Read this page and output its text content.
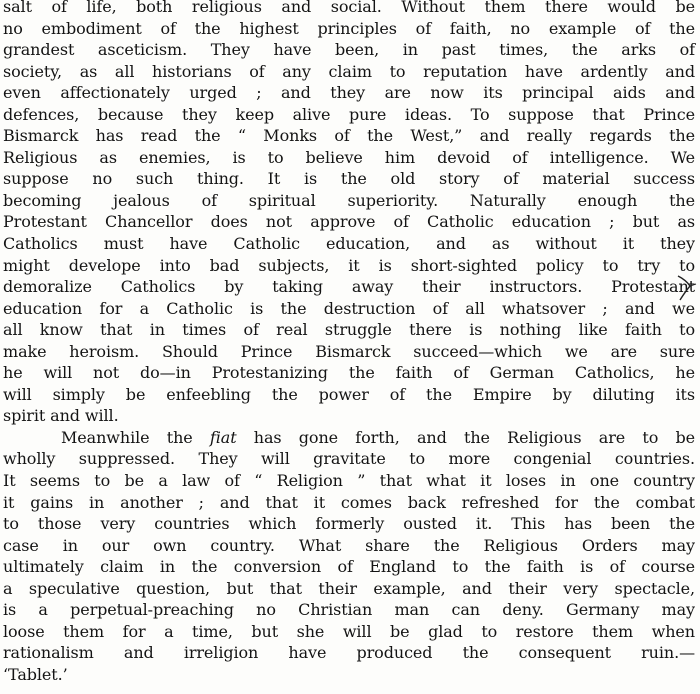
salt of life, both religious and social. Without them there would be
no embodiment of the highest principles of faith, no example of the
grandest asceticism. They have been, in past times, the arks of
society, as all historians of any claim to reputation have ardently and
even affectionately urged ; and they are now its principal aids and
defences, because they keep alive pure ideas. To suppose that Prince
Bismarck has read the “ Monks of the West,” and really regards the
Religious as enemies, is to believe him devoid of intelligence. We
suppose no such thing. It is the old story of material success
becoming jealous of spiritual superiority. Naturally enough the
Protestant Chancellor does not approve of Catholic education ; but as
Catholics must have Catholic education, and as without it they
might develope into bad subjects, it is short-sighted policy to try to
demoralize Catholics by taking away their instructors. Protestant
education for a Catholic is the destruction of all whatsover ; and we
all know that in times of real struggle there is nothing like faith to
make heroism. Should Prince Bismarck succeed—which we are sure
he will not do—in Protestanizing the faith of German Catholics, he
will simply be enfeebling the power of the Empire by diluting its
spirit and will.
Meanwhile the fiat has gone forth, and the Religious are to be
wholly suppressed. They will gravitate to more congenial countries.
It seems to be a law of “ Religion ” that what it loses in one country
it gains in another ; and that it comes back refreshed for the combat
to those very countries which formerly ousted it. This has been the
case in our own country. What share the Religious Orders may
ultimately claim in the conversion of England to the faith is of course
a speculative question, but that their example, and their very spectacle,
is a perpetual-preaching no Christian man can deny. Germany may
loose them for a time, but she will be glad to restore them when
rationalism and irreligion have produced the consequent ruin.—
‘Tablet.’
